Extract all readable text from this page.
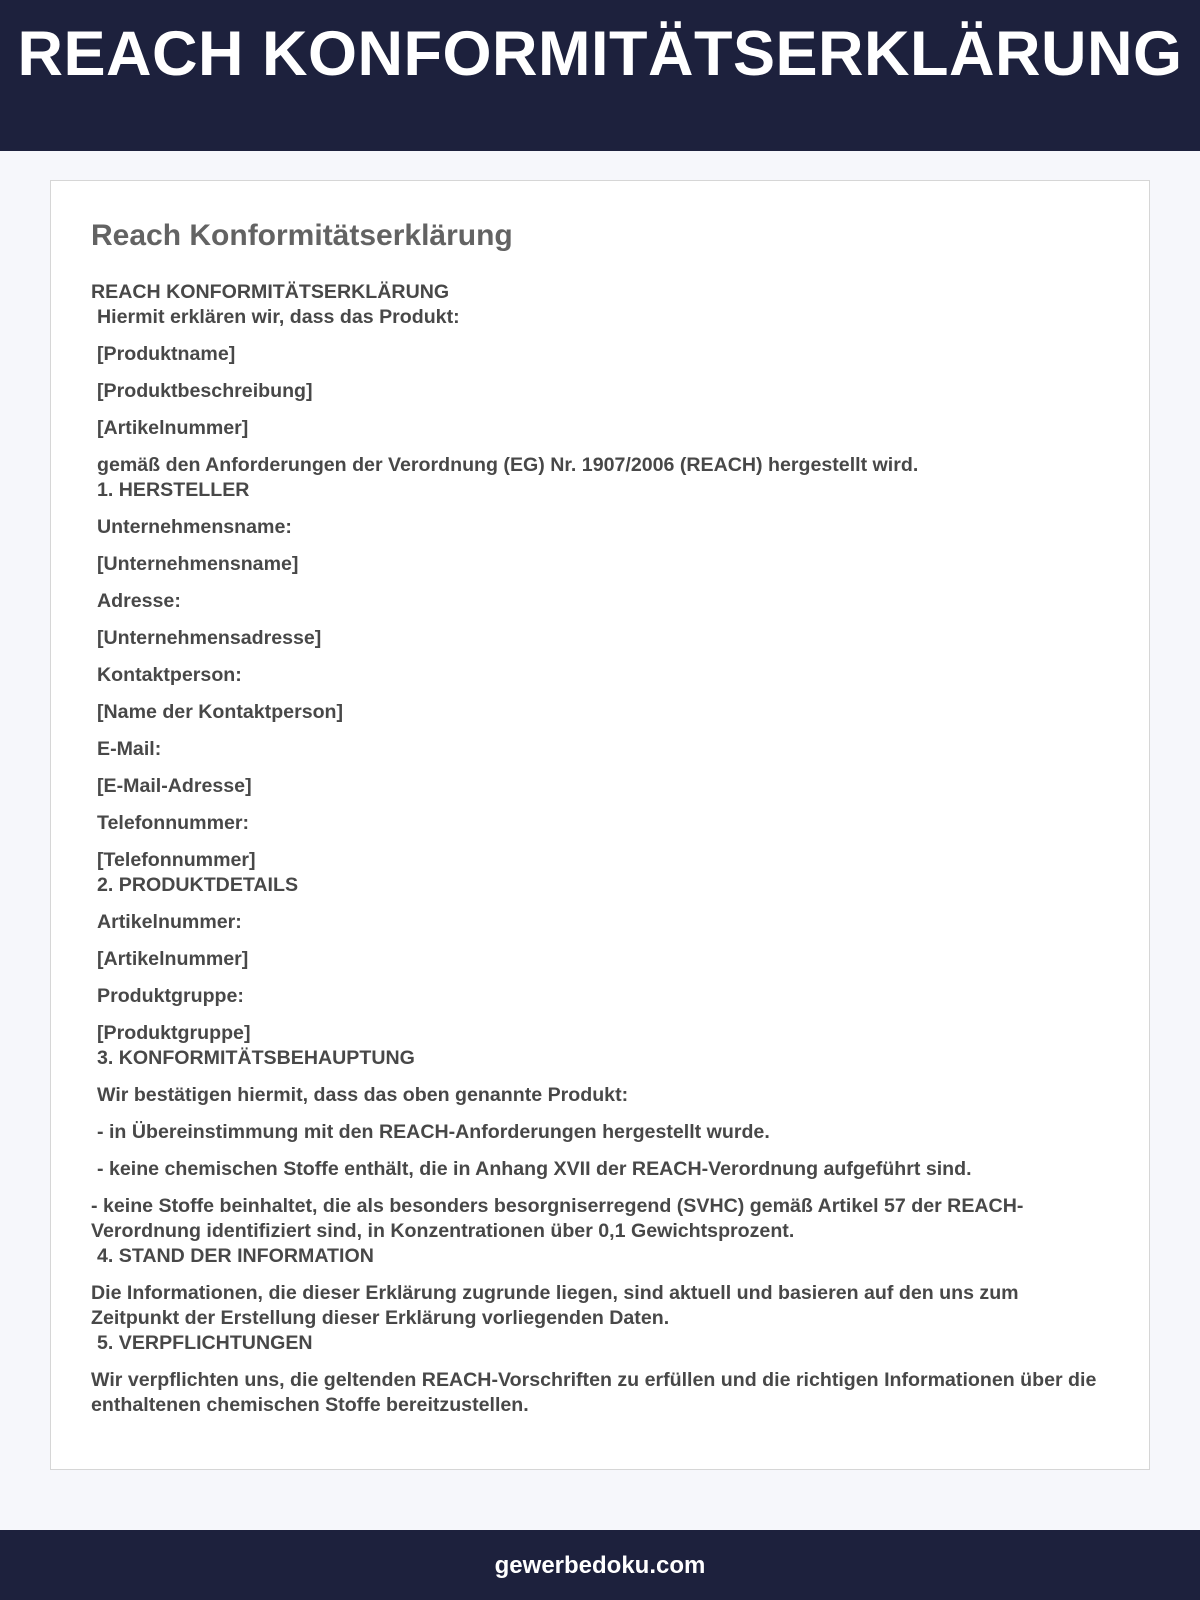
REACH KONFORMITÄTSERKLÄRUNG
Reach Konformitätserklärung

REACH KONFORMITÄTSERKLÄRUNG

Hiermit erklären wir, dass das Produkt:

[Produktname]

[Produktbeschreibung]

[Artikelnummer]

gemäß den Anforderungen der Verordnung (EG) Nr. 1907/2006 (REACH) hergestellt wird.

1. HERSTELLER

Unternehmensname:

[Unternehmensname]

Adresse:

[Unternehmensadresse]

Kontaktperson:

[Name der Kontaktperson]

E-Mail:

[E-Mail-Adresse]

Telefonnummer:

[Telefonnummer]

2. PRODUKTDETAILS

Artikelnummer:

[Artikelnummer]

Produktgruppe:

[Produktgruppe]

3. KONFORMITÄTSBEHAUPTUNG

Wir bestätigen hiermit, dass das oben genannte Produkt:

- in Übereinstimmung mit den REACH-Anforderungen hergestellt wurde.

- keine chemischen Stoffe enthält, die in Anhang XVII der REACH-Verordnung aufgeführt sind.

- keine Stoffe beinhaltet, die als besonders besorgniserregend (SVHC) gemäß Artikel 57 der REACH-Verordnung identifiziert sind, in Konzentrationen über 0,1 Gewichtsprozent.

4. STAND DER INFORMATION

Die Informationen, die dieser Erklärung zugrunde liegen, sind aktuell und basieren auf den uns zum Zeitpunkt der Erstellung dieser Erklärung vorliegenden Daten.

5. VERPFLICHTUNGEN

Wir verpflichten uns, die geltenden REACH-Vorschriften zu erfüllen und die richtigen Informationen über die enthaltenen chemischen Stoffe bereitzustellen.

gewerbedoku.com
